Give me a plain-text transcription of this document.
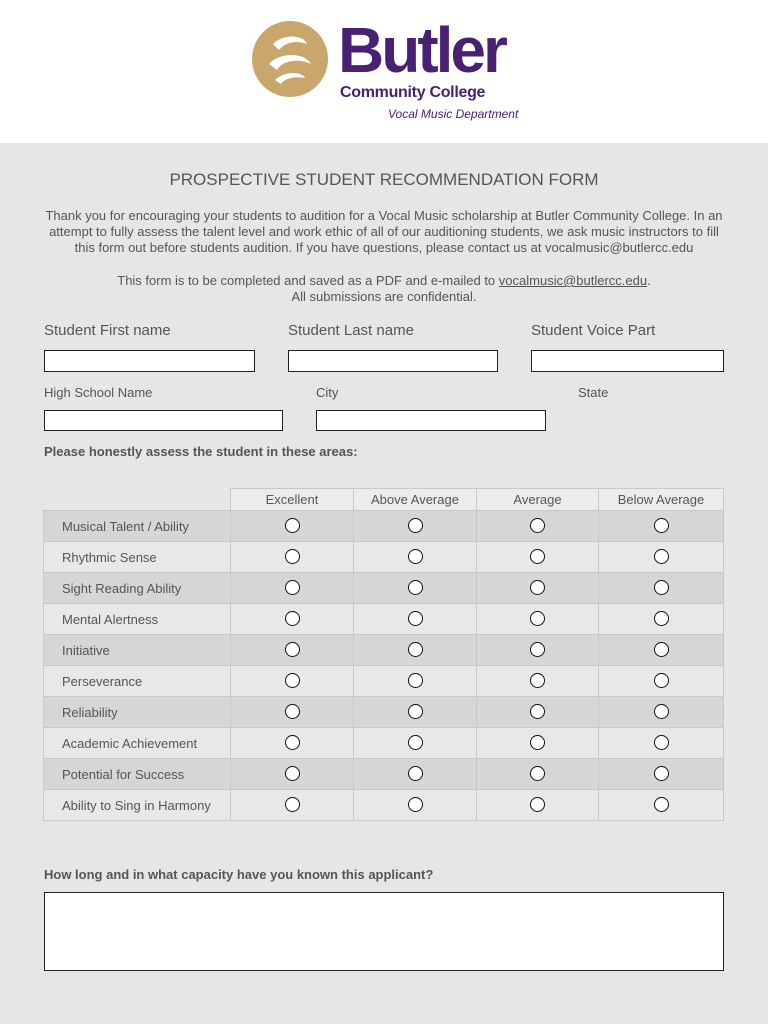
Butler
Community College
Vocal Music Department
PROSPECTIVE STUDENT RECOMMENDATION FORM
Thank you for encouraging your students to audition for a Vocal Music scholarship at Butler Community College. In an attempt to fully assess the talent level and work ethic of all of our auditioning students, we ask music instructors to fill this form out before students audition. If you have questions, please contact us at vocalmusic@butlercc.edu
This form is to be completed and saved as a PDF and e-mailed to vocalmusic@butlercc.edu.
All submissions are confidential.
Student First name	Student Last name	Student Voice Part
High School Name	City	State
Please honestly assess the student in these areas:
	Excellent	Above Average	Average	Below Average
Musical Talent / Ability				
Rhythmic Sense				
Sight Reading Ability				
Mental Alertness				
Initiative				
Perseverance				
Reliability				
Academic Achievement				
Potential for Success				
Ability to Sing in Harmony				
How long and in what capacity have you known this applicant?
